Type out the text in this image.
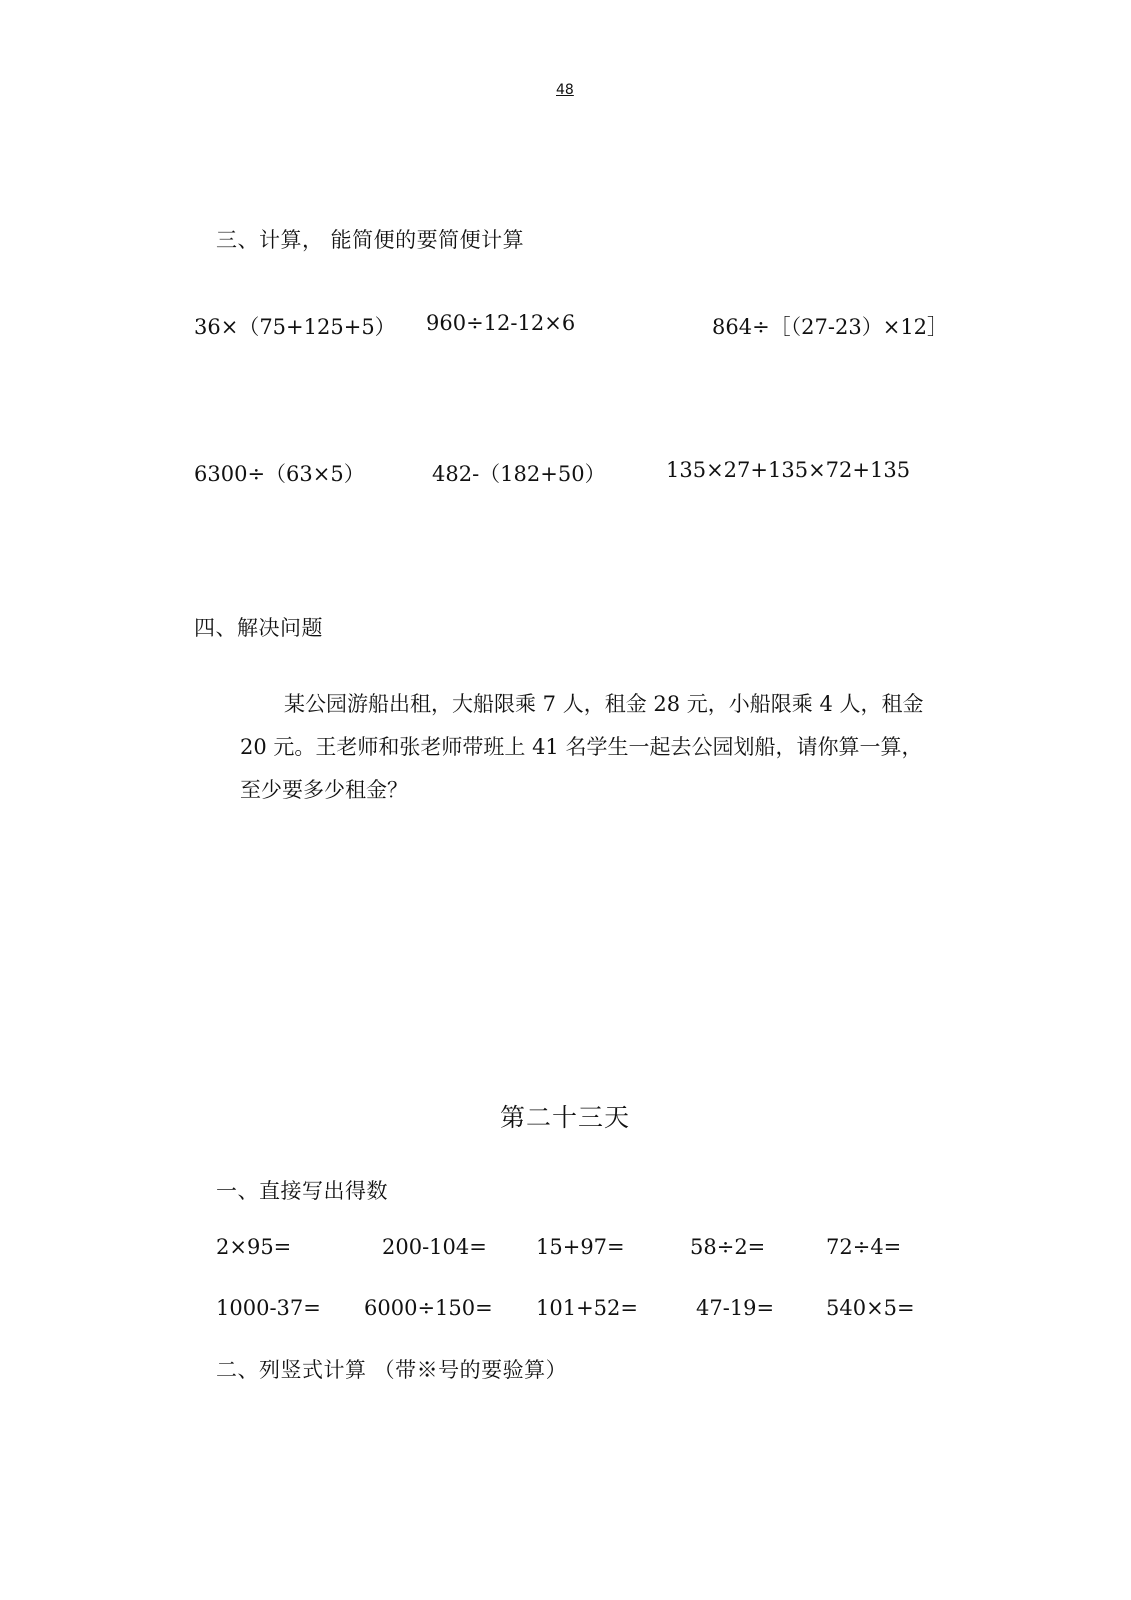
48
三、计算， 能简便的要简便计算
36×（75+125+5） 960÷12-12×6	864÷［（27-23）×12］
6300÷（63×5）	482-（182+50）	135×27+135×72+135
四、解决问题
某公园游船出租，大船限乘 7 人，租金 28 元，小船限乘 4 人，租金
20 元。王老师和张老师带班上 41 名学生一起去公园划船，请你算一算，
至少要多少租金？
第二十三天
一、直接写出得数
2×95=	200-104= 15+97=	58÷2=	72÷4=
1000-37= 6000÷150= 101+52=	47-19= 540×5=
二、列竖式计算 （带※号的要验算）
